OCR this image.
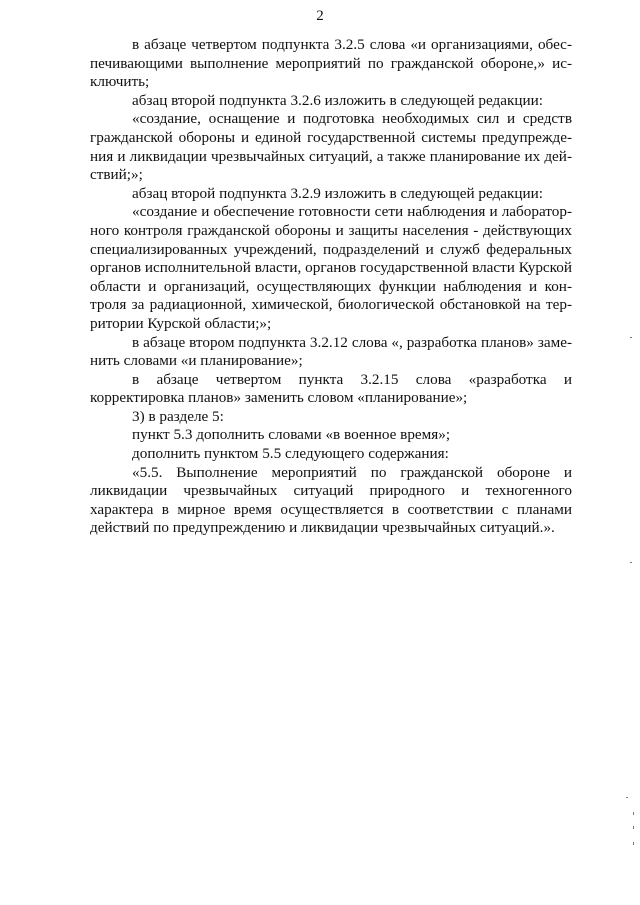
2

в абзаце четвертом подпункта 3.2.5 слова «и организациями, обеспечивающими выполнение мероприятий по гражданской обороне,» исключить;

абзац второй подпункта 3.2.6 изложить в следующей редакции:

«создание, оснащение и подготовка необходимых сил и средств гражданской обороны и единой государственной системы предупреждения и ликвидации чрезвычайных ситуаций, а также планирование их действий;»;

абзац второй подпункта 3.2.9 изложить в следующей редакции:

«создание и обеспечение готовности сети наблюдения и лабораторного контроля гражданской обороны и защиты населения - действующих специализированных учреждений, подразделений и служб федеральных органов исполнительной власти, органов государственной власти Курской области и организаций, осуществляющих функции наблюдения и контроля за радиационной, химической, биологической обстановкой на территории Курской области;»;

в абзаце втором подпункта 3.2.12 слова «, разработка планов» заменить словами «и планирование»;

в абзаце четвертом пункта 3.2.15 слова «разработка и корректировка планов» заменить словом «планирование»;

3) в разделе 5:

пункт 5.3 дополнить словами «в военное время»;

дополнить пунктом 5.5 следующего содержания:

«5.5. Выполнение мероприятий по гражданской обороне и ликвидации чрезвычайных ситуаций природного и техногенного характера в мирное время осуществляется в соответствии с планами действий по предупреждению и ликвидации чрезвычайных ситуаций.».
